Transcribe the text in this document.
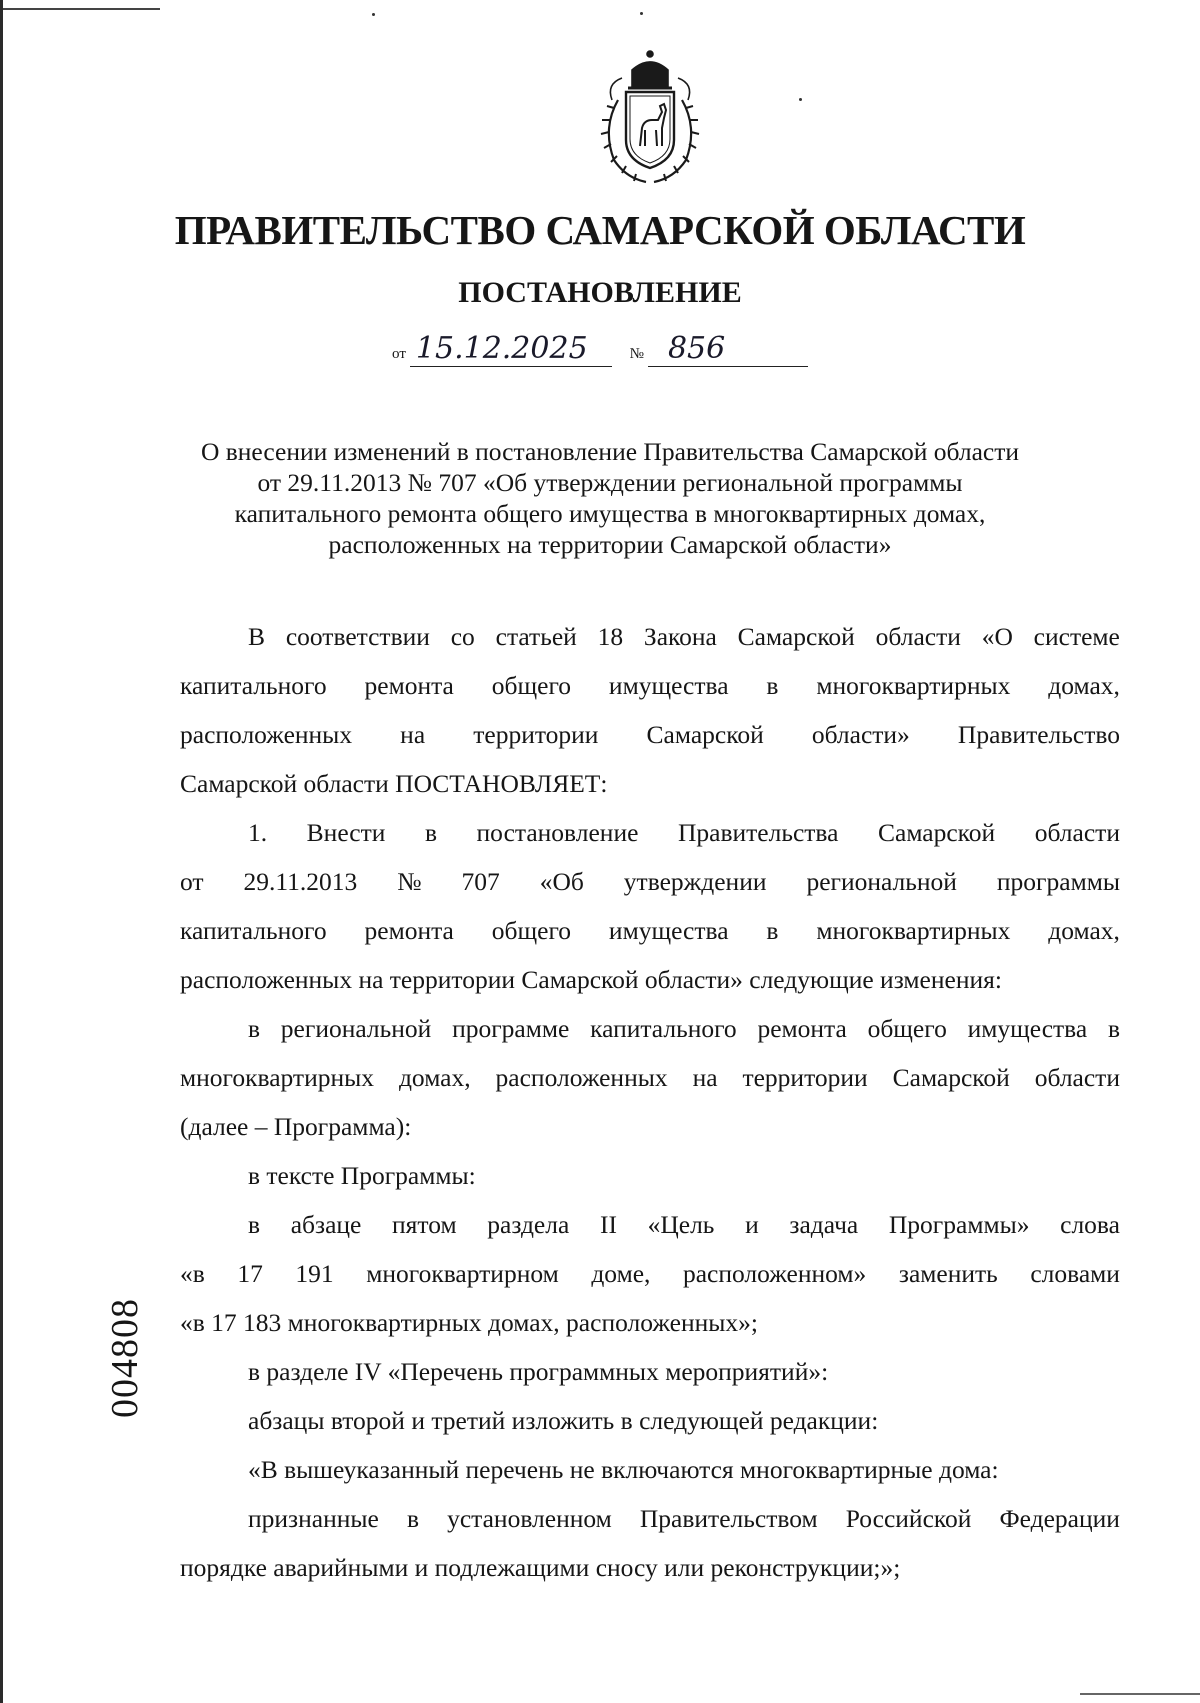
ПРАВИТЕЛЬСТВО САМАРСКОЙ ОБЛАСТИ
ПОСТАНОВЛЕНИЕ
от 15.12.2025	№ 856
О внесении изменений в постановление Правительства Самарской области
от 29.11.2013 № 707 «Об утверждении региональной программы
капитального ремонта общего имущества в многоквартирных домах,
расположенных на территории Самарской области»
В соответствии со статьей 18 Закона Самарской области «О системе
капитального ремонта общего имущества в многоквартирных домах,
расположенных на территории Самарской области» Правительство
Самарской области ПОСТАНОВЛЯЕТ:
1. Внести в постановление Правительства Самарской области
от 29.11.2013 № 707 «Об утверждении региональной программы
капитального ремонта общего имущества в многоквартирных домах,
расположенных на территории Самарской области» следующие изменения:
в региональной программе капитального ремонта общего имущества в
многоквартирных домах, расположенных на территории Самарской области
(далее – Программа):
в тексте Программы:
в абзаце пятом раздела II «Цель и задача Программы» слова
«в 17 191 многоквартирном доме, расположенном» заменить словами
«в 17 183 многоквартирных домах, расположенных»;
в разделе IV «Перечень программных мероприятий»:
абзацы второй и третий изложить в следующей редакции:
«В вышеуказанный перечень не включаются многоквартирные дома:
признанные в установленном Правительством Российской Федерации
порядке аварийными и подлежащими сносу или реконструкции;»;
004808
